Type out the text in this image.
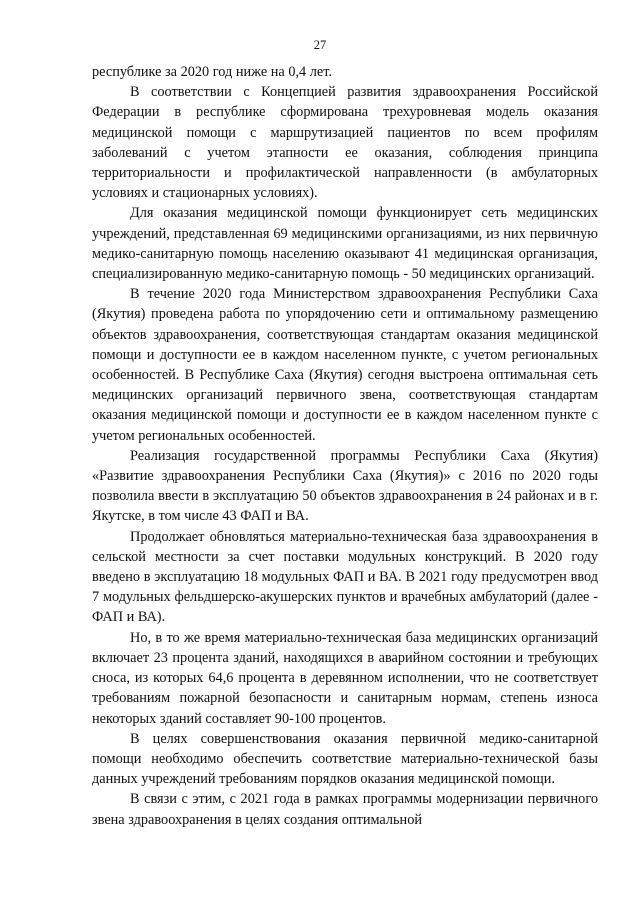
27

республике за 2020 год ниже на 0,4 лет.

В соответствии с Концепцией развития здравоохранения Российской Федерации в республике сформирована трехуровневая модель оказания медицинской помощи с маршрутизацией пациентов по всем профилям заболеваний с учетом этапности ее оказания, соблюдения принципа территориальности и профилактической направленности (в амбулаторных условиях и стационарных условиях).

Для оказания медицинской помощи функционирует сеть медицинских учреждений, представленная 69 медицинскими организациями, из них первичную медико-санитарную помощь населению оказывают 41 медицинская организация, специализированную медико-санитарную помощь - 50 медицинских организаций.

В течение 2020 года Министерством здравоохранения Республики Саха (Якутия) проведена работа по упорядочению сети и оптимальному размещению объектов здравоохранения, соответствующая стандартам оказания медицинской помощи и доступности ее в каждом населенном пункте, с учетом региональных особенностей. В Республике Саха (Якутия) сегодня выстроена оптимальная сеть медицинских организаций первичного звена, соответствующая стандартам оказания медицинской помощи и доступности ее в каждом населенном пункте с учетом региональных особенностей.

Реализация государственной программы Республики Саха (Якутия) «Развитие здравоохранения Республики Саха (Якутия)» с 2016 по 2020 годы позволила ввести в эксплуатацию 50 объектов здравоохранения в 24 районах и в г. Якутске, в том числе 43 ФАП и ВА.

Продолжает обновляться материально-техническая база здравоохранения в сельской местности за счет поставки модульных конструкций. В 2020 году введено в эксплуатацию 18 модульных ФАП и ВА. В 2021 году предусмотрен ввод 7 модульных фельдшерско-акушерских пунктов и врачебных амбулаторий (далее - ФАП и ВА).

Но, в то же время материально-техническая база медицинских организаций включает 23 процента зданий, находящихся в аварийном состоянии и требующих сноса, из которых 64,6 процента в деревянном исполнении, что не соответствует требованиям пожарной безопасности и санитарным нормам, степень износа некоторых зданий составляет 90-100 процентов.

В целях совершенствования оказания первичной медико-санитарной помощи необходимо обеспечить соответствие материально-технической базы данных учреждений требованиям порядков оказания медицинской помощи.

В связи с этим, с 2021 года в рамках программы модернизации первичного звена здравоохранения в целях создания оптимальной
